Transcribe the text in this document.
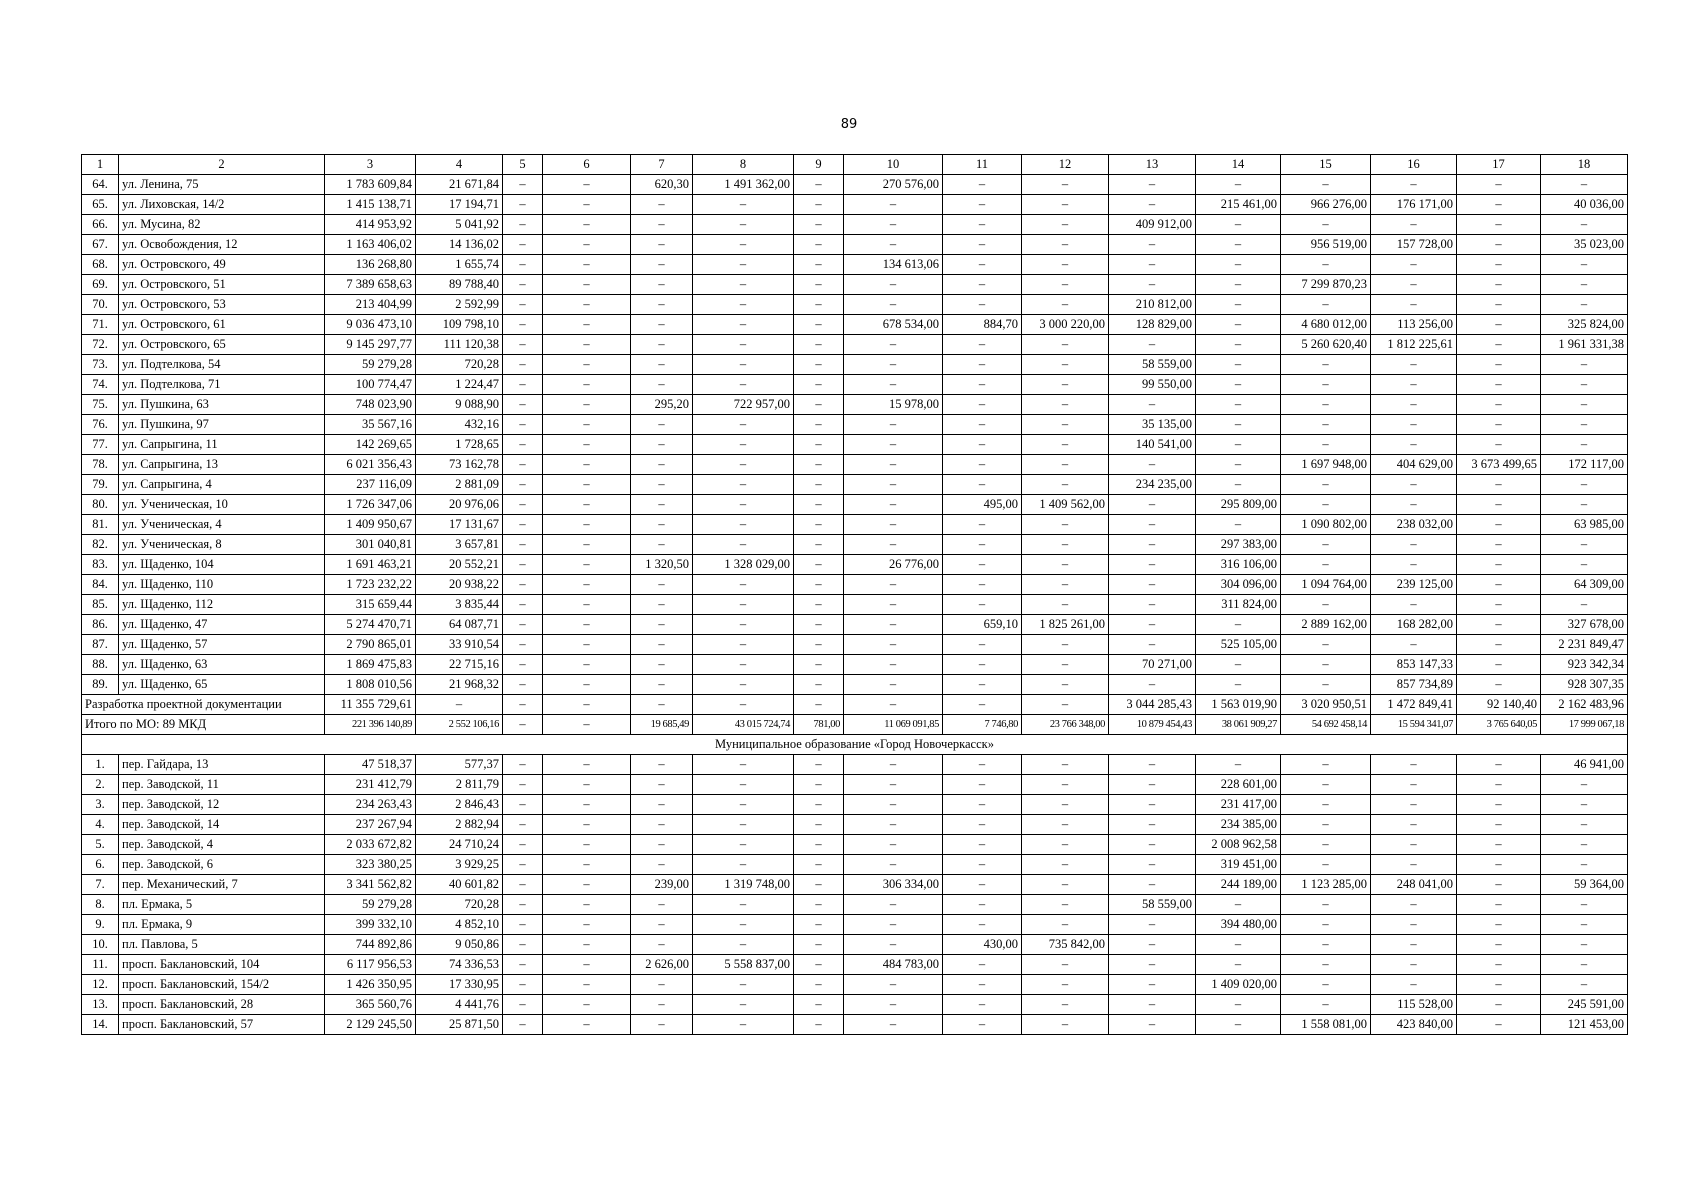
89
1	2	3	4	5	6	7	8	9	10	11	12	13	14	15	16	17	18
64.	ул. Ленина, 75	1 783 609,84	21 671,84	–	–	620,30	1 491 362,00	–	270 576,00	–	–	–	–	–	–	–	–
65.	ул. Лиховская, 14/2	1 415 138,71	17 194,71	–	–	–	–	–	–	–	–	–	215 461,00	966 276,00	176 171,00	–	40 036,00
66.	ул. Мусина, 82	414 953,92	5 041,92	–	–	–	–	–	–	–	–	409 912,00	–	–	–	–	–
67.	ул. Освобождения, 12	1 163 406,02	14 136,02	–	–	–	–	–	–	–	–	–	–	956 519,00	157 728,00	–	35 023,00
68.	ул. Островского, 49	136 268,80	1 655,74	–	–	–	–	–	134 613,06	–	–	–	–	–	–	–	–
69.	ул. Островского, 51	7 389 658,63	89 788,40	–	–	–	–	–	–	–	–	–	–	7 299 870,23	–	–	–
70.	ул. Островского, 53	213 404,99	2 592,99	–	–	–	–	–	–	–	–	210 812,00	–	–	–	–	–
71.	ул. Островского, 61	9 036 473,10	109 798,10	–	–	–	–	–	678 534,00	884,70	3 000 220,00	128 829,00	–	4 680 012,00	113 256,00	–	325 824,00
72.	ул. Островского, 65	9 145 297,77	111 120,38	–	–	–	–	–	–	–	–	–	–	5 260 620,40	1 812 225,61	–	1 961 331,38
73.	ул. Подтелкова, 54	59 279,28	720,28	–	–	–	–	–	–	–	–	58 559,00	–	–	–	–	–
74.	ул. Подтелкова, 71	100 774,47	1 224,47	–	–	–	–	–	–	–	–	99 550,00	–	–	–	–	–
75.	ул. Пушкина, 63	748 023,90	9 088,90	–	–	295,20	722 957,00	–	15 978,00	–	–	–	–	–	–	–	–
76.	ул. Пушкина, 97	35 567,16	432,16	–	–	–	–	–	–	–	–	35 135,00	–	–	–	–	–
77.	ул. Сапрыгина, 11	142 269,65	1 728,65	–	–	–	–	–	–	–	–	140 541,00	–	–	–	–	–
78.	ул. Сапрыгина, 13	6 021 356,43	73 162,78	–	–	–	–	–	–	–	–	–	–	1 697 948,00	404 629,00	3 673 499,65	172 117,00
79.	ул. Сапрыгина, 4	237 116,09	2 881,09	–	–	–	–	–	–	–	–	234 235,00	–	–	–	–	–
80.	ул. Ученическая, 10	1 726 347,06	20 976,06	–	–	–	–	–	–	495,00	1 409 562,00	–	295 809,00	–	–	–	–
81.	ул. Ученическая, 4	1 409 950,67	17 131,67	–	–	–	–	–	–	–	–	–	–	1 090 802,00	238 032,00	–	63 985,00
82.	ул. Ученическая, 8	301 040,81	3 657,81	–	–	–	–	–	–	–	–	–	297 383,00	–	–	–	–
83.	ул. Щаденко, 104	1 691 463,21	20 552,21	–	–	1 320,50	1 328 029,00	–	26 776,00	–	–	–	316 106,00	–	–	–	–
84.	ул. Щаденко, 110	1 723 232,22	20 938,22	–	–	–	–	–	–	–	–	–	304 096,00	1 094 764,00	239 125,00	–	64 309,00
85.	ул. Щаденко, 112	315 659,44	3 835,44	–	–	–	–	–	–	–	–	–	311 824,00	–	–	–	–
86.	ул. Щаденко, 47	5 274 470,71	64 087,71	–	–	–	–	–	–	659,10	1 825 261,00	–	–	2 889 162,00	168 282,00	–	327 678,00
87.	ул. Щаденко, 57	2 790 865,01	33 910,54	–	–	–	–	–	–	–	–	–	525 105,00	–	–	–	2 231 849,47
88.	ул. Щаденко, 63	1 869 475,83	22 715,16	–	–	–	–	–	–	–	–	70 271,00	–	–	853 147,33	–	923 342,34
89.	ул. Щаденко, 65	1 808 010,56	21 968,32	–	–	–	–	–	–	–	–	–	–	–	857 734,89	–	928 307,35
Разработка проектной документации		11 355 729,61	–	–	–	–	–	–	–	–	–	3 044 285,43	1 563 019,90	3 020 950,51	1 472 849,41	92 140,40	2 162 483,96
Итого по МО: 89 МКД		221 396 140,89	2 552 106,16	–	–	19 685,49	43 015 724,74	781,00	11 069 091,85	7 746,80	23 766 348,00	10 879 454,43	38 061 909,27	54 692 458,14	15 594 341,07	3 765 640,05	17 999 067,18
Муниципальное образование «Город Новочеркасск»																	
1.	пер. Гайдара, 13	47 518,37	577,37	–	–	–	–	–	–	–	–	–	–	–	–	–	46 941,00
2.	пер. Заводской, 11	231 412,79	2 811,79	–	–	–	–	–	–	–	–	–	228 601,00	–	–	–	–
3.	пер. Заводской, 12	234 263,43	2 846,43	–	–	–	–	–	–	–	–	–	231 417,00	–	–	–	–
4.	пер. Заводской, 14	237 267,94	2 882,94	–	–	–	–	–	–	–	–	–	234 385,00	–	–	–	–
5.	пер. Заводской, 4	2 033 672,82	24 710,24	–	–	–	–	–	–	–	–	–	2 008 962,58	–	–	–	–
6.	пер. Заводской, 6	323 380,25	3 929,25	–	–	–	–	–	–	–	–	–	319 451,00	–	–	–	–
7.	пер. Механический, 7	3 341 562,82	40 601,82	–	–	239,00	1 319 748,00	–	306 334,00	–	–	–	244 189,00	1 123 285,00	248 041,00	–	59 364,00
8.	пл. Ермака, 5	59 279,28	720,28	–	–	–	–	–	–	–	–	58 559,00	–	–	–	–	–
9.	пл. Ермака, 9	399 332,10	4 852,10	–	–	–	–	–	–	–	–	–	394 480,00	–	–	–	–
10.	пл. Павлова, 5	744 892,86	9 050,86	–	–	–	–	–	–	430,00	735 842,00	–	–	–	–	–	–
11.	просп. Баклановский, 104	6 117 956,53	74 336,53	–	–	2 626,00	5 558 837,00	–	484 783,00	–	–	–	–	–	–	–	–
12.	просп. Баклановский, 154/2	1 426 350,95	17 330,95	–	–	–	–	–	–	–	–	–	1 409 020,00	–	–	–	–
13.	просп. Баклановский, 28	365 560,76	4 441,76	–	–	–	–	–	–	–	–	–	–	–	115 528,00	–	245 591,00
14.	просп. Баклановский, 57	2 129 245,50	25 871,50	–	–	–	–	–	–	–	–	–	–	1 558 081,00	423 840,00	–	121 453,00
